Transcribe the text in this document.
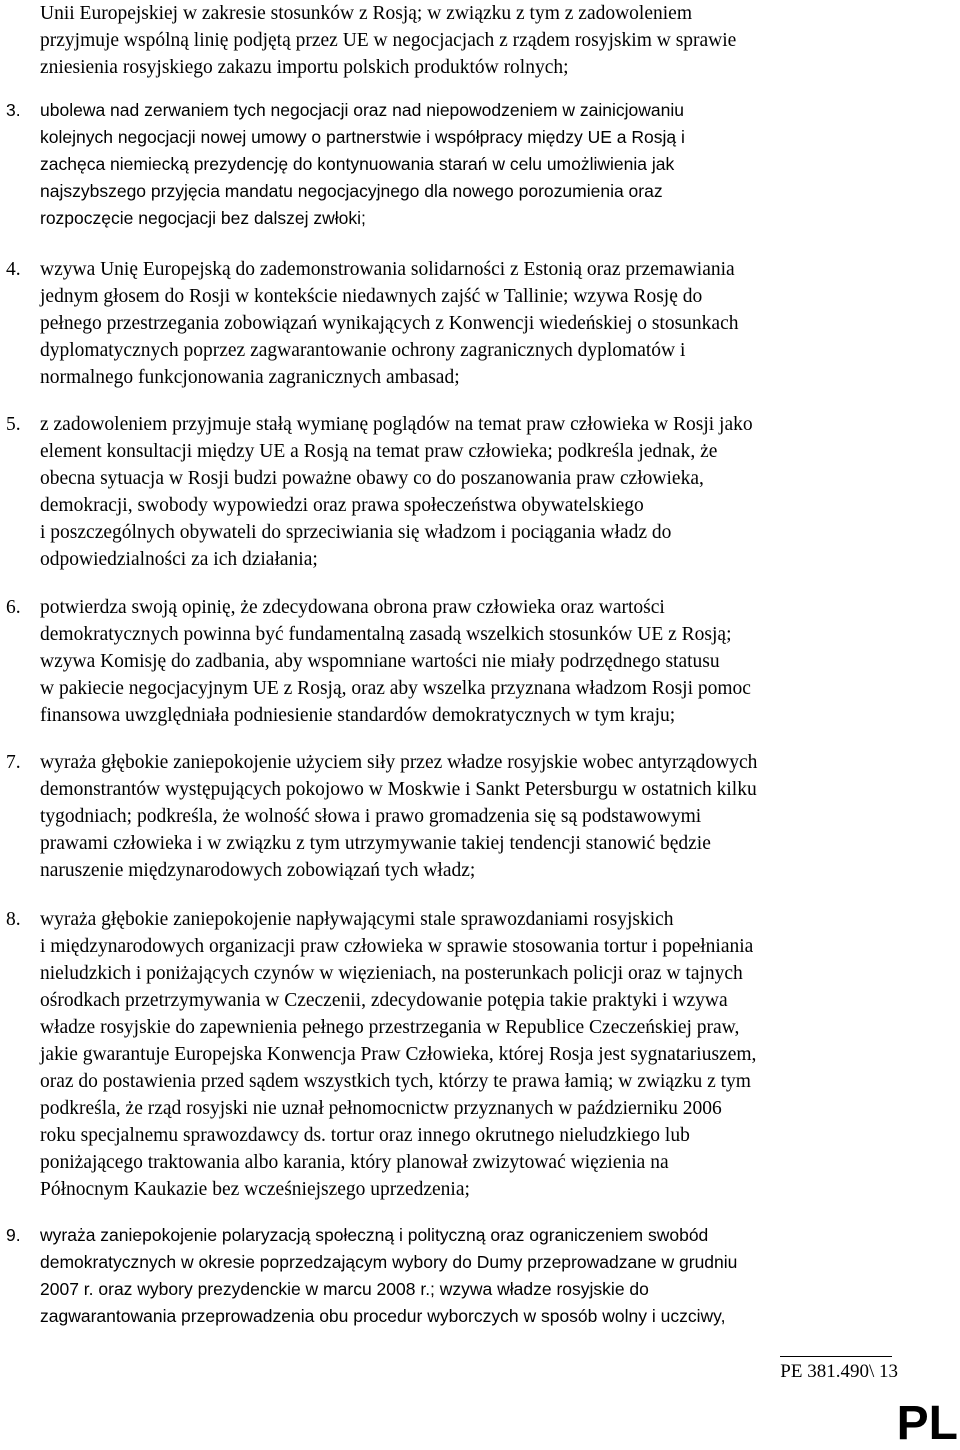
Unii Europejskiej w zakresie stosunków z Rosją; w związku z tym z zadowoleniem
przyjmuje wspólną linię podjętą przez UE w negocjacjach z rządem rosyjskim w sprawie
zniesienia rosyjskiego zakazu importu polskich produktów rolnych;
3.	ubolewa nad zerwaniem tych negocjacji oraz nad niepowodzeniem w zainicjowaniu
kolejnych negocjacji nowej umowy o partnerstwie i współpracy między UE a Rosją i
zachęca niemiecką prezydencję do kontynuowania starań w celu umożliwienia jak
najszybszego przyjęcia mandatu negocjacyjnego dla nowego porozumienia oraz
rozpoczęcie negocjacji bez dalszej zwłoki;
4. wzywa Unię Europejską do zademonstrowania solidarności z Estonią oraz przemawiania
jednym głosem do Rosji w kontekście niedawnych zajść w Tallinie; wzywa Rosję do
pełnego przestrzegania zobowiązań wynikających z Konwencji wiedeńskiej o stosunkach
dyplomatycznych poprzez zagwarantowanie ochrony zagranicznych dyplomatów i
normalnego funkcjonowania zagranicznych ambasad;
5. z zadowoleniem przyjmuje stałą wymianę poglądów na temat praw człowieka w Rosji jako
element konsultacji między UE a Rosją na temat praw człowieka; podkreśla jednak, że
obecna sytuacja w Rosji budzi poważne obawy co do poszanowania praw człowieka,
demokracji, swobody wypowiedzi oraz prawa społeczeństwa obywatelskiego
i poszczególnych obywateli do sprzeciwiania się władzom i pociągania władz do
odpowiedzialności za ich działania;
6. potwierdza swoją opinię, że zdecydowana obrona praw człowieka oraz wartości
demokratycznych powinna być fundamentalną zasadą wszelkich stosunków UE z Rosją;
wzywa Komisję do zadbania, aby wspomniane wartości nie miały podrzędnego statusu
w pakiecie negocjacyjnym UE z Rosją, oraz aby wszelka przyznana władzom Rosji pomoc
finansowa uwzględniała podniesienie standardów demokratycznych w tym kraju;
7. wyraża głębokie zaniepokojenie użyciem siły przez władze rosyjskie wobec antyrządowych
demonstrantów występujących pokojowo w Moskwie i Sankt Petersburgu w ostatnich kilku
tygodniach; podkreśla, że wolność słowa i prawo gromadzenia się są podstawowymi
prawami człowieka i w związku z tym utrzymywanie takiej tendencji stanowić będzie
naruszenie międzynarodowych zobowiązań tych władz;
8. wyraża głębokie zaniepokojenie napływającymi stale sprawozdaniami rosyjskich
i międzynarodowych organizacji praw człowieka w sprawie stosowania tortur i popełniania
nieludzkich i poniżających czynów w więzieniach, na posterunkach policji oraz w tajnych
ośrodkach przetrzymywania w Czeczenii, zdecydowanie potępia takie praktyki i wzywa
władze rosyjskie do zapewnienia pełnego przestrzegania w Republice Czeczeńskiej praw,
jakie gwarantuje Europejska Konwencja Praw Człowieka, której Rosja jest sygnatariuszem,
oraz do postawienia przed sądem wszystkich tych, którzy te prawa łamią; w związku z tym
podkreśla, że rząd rosyjski nie uznał pełnomocnictw przyznanych w październiku 2006
roku specjalnemu sprawozdawcy ds. tortur oraz innego okrutnego nieludzkiego lub
poniżającego traktowania albo karania, który planował zwizytować więzienia na
Północnym Kaukazie bez wcześniejszego uprzedzenia;
9.	wyraża zaniepokojenie polaryzacją społeczną i polityczną oraz ograniczeniem swobód
demokratycznych w okresie poprzedzającym wybory do Dumy przeprowadzane w grudniu
2007 r. oraz wybory prezydenckie w marcu 2008 r.; wzywa władze rosyjskie do
zagwarantowania przeprowadzenia obu procedur wyborczych w sposób wolny i uczciwy,
PE 381.490\ 13
PL
